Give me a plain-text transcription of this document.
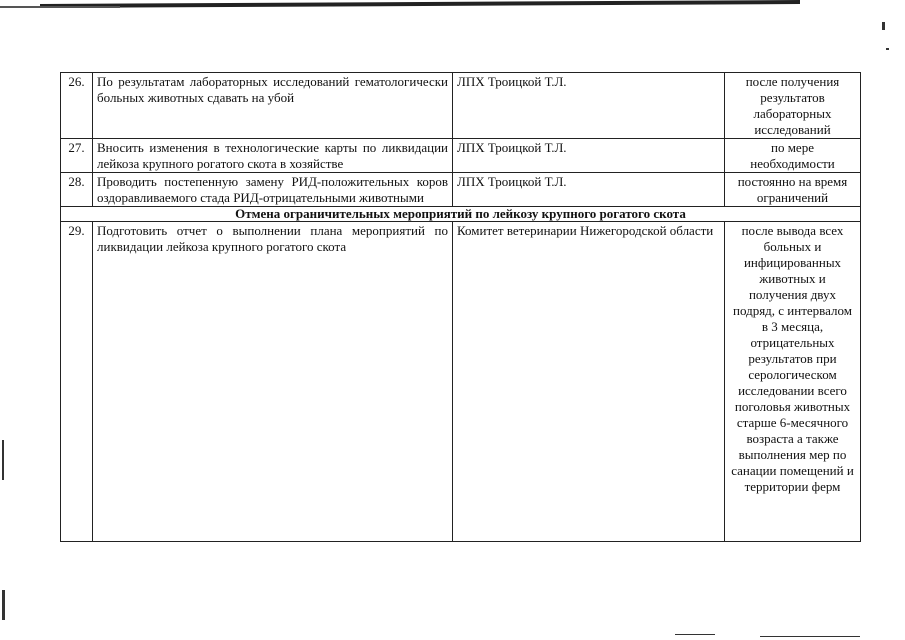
26.	По результатам лабораторных исследований гематологически больных животных сдавать на убой	ЛПХ Троицкой Т.Л.	после получения результатов лабораторных исследований
27.	Вносить изменения в технологические карты по ликвидации лейкоза крупного рогатого скота в хозяйстве	ЛПХ Троицкой Т.Л.	по мере необходимости
28.	Проводить постепенную замену РИД-положительных коров оздоравливаемого стада РИД-отрицательными животными	ЛПХ Троицкой Т.Л.	постоянно на время ограничений
Отмена ограничительных мероприятий по лейкозу крупного рогатого скота			
29.	Подготовить отчет о выполнении плана мероприятий по ликвидации лейкоза крупного рогатого скота	Комитет ветеринарии Нижегородской области	после вывода всех больных и инфицированных животных и получения двух подряд, с интервалом в 3 месяца, отрицательных результатов при серологическом исследовании всего поголовья животных старше 6-месячного возраста а также выполнения мер по санации помещений и территории ферм
